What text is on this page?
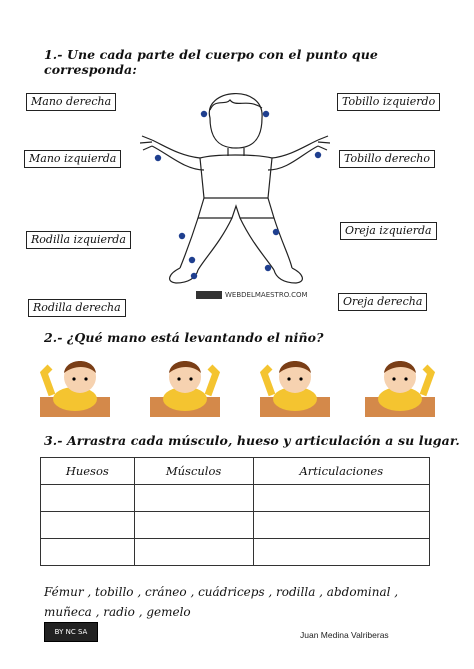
1.- Une cada parte del cuerpo con el punto que corresponda:
Mano derecha
Mano izquierda
Rodilla izquierda
Rodilla derecha
Tobillo izquierdo
Tobillo derecho
Oreja izquierda
Oreja derecha
WEBDELMAESTRO.COM
2.- ¿Qué mano está levantando el niño?
3.- Arrastra cada músculo, hueso y articulación a su lugar.
Huesos	Músculos	Articulaciones

Fémur , tobillo , cráneo , cuádriceps , rodilla , abdominal ,
muñeca , radio , gemelo
BY NC SA	Juan Medina Valriberas
